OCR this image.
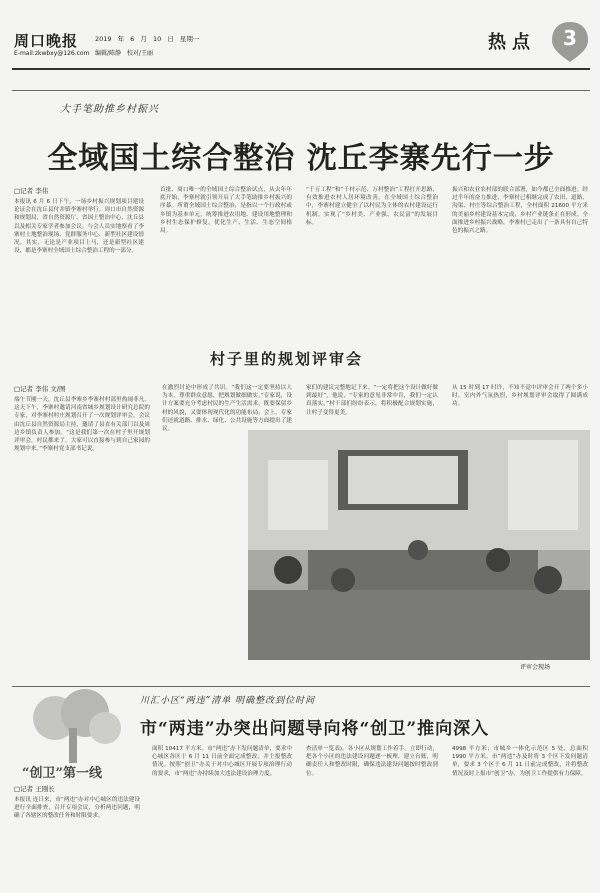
周口晚报
E-mail:zkwbxy@126.com
2019 年 6 月 10 日 星期一
编辑/陈静 校对/王丽
热点 3
大手笔助推乡村振兴
全域国土综合整治 沈丘李寨先行一步
□记者 李伟
本报讯 6 月 6 日下午，一场乡村振兴规划项目建设论证会在沈丘县付井镇李寨村举行。周口市自然资源和规划局、省自然资源厅、省国土整治中心、沈丘县以及相关专家学者参加会议。与会人员实地察看了李寨村土地整治现场、党群服务中心、新型社区建设情况。其实，无论是产业项目上马，还是新型社区建设，都是李寨村全域国土综合整治工程的一部分。
首批、周口唯一的全域国土综合整治试点，从去年年底开始，李寨村就引领开启了大手笔助推乡村振兴的序幕。所谓全域国土综合整治，是指以一个行政村或乡镇为基本单元，统筹推进农用地、建设用地整理和乡村生态保护修复，优化生产、生活、生态空间格局。
“千万工程”和“千村示范、万村整治”工程打开思路，有效推进农村人居环境改善。在全域国土综合整治中，李寨村建立健全了以村民为主体的农村建设运行机制，实现了“乡村美、产业强、农民富”的发展目标。
振兴和农业农村部的联合部署，如今都已全面推进。经过半年的奋力推进，李寨村已相继完成了农田、道路、沟渠、村庄等综合整治工程，全村面积 21600 平方米的美丽乡村建设基本完成，乡村产业链条正在形成。全面推进乡村振兴战略，李寨村已走出了一条具有自己特色的振兴之路。
村子里的规划评审会
□记者 李伟 文/图
端午节刚一天，沈丘县李寨乡李寨村村部里热闹非凡。这天下午，李寨村邀请河南省城乡规划设计研究总院的专家，对李寨村村庄规划召开了一次规划评审会。会议由沈丘县自然资源局主持，邀请了县直有关部门以及周边乡镇负责人参加。“这是我们第一次在村子里开规划评审会，村民都来了，大家可以直接参与到自己家园的规划中来。”李寨村党支部书记说。
在激烈讨论中形成了共识。“我们这一定要坚持以人为本，尊重群众意愿，把规划做细做实。”专家说，设计方案要充分考虑村民的生产生活需求，既要保留乡村的风貌，又要体现现代化的功能布局。会上，专家们还就道路、排水、绿化、公共设施等方面提出了建议。
家们的建议完整地记下来。“一定将把这个设计做好做到最好”，他说，“专家的意见非常中肯，我们一定认真落实。”村干部们纷纷表示，将积极配合规划实施，让村子变得更美。
从 15 时到 17 时许，不知不觉中评审会开了两个多小时。室内外气氛热烈，乡村规划评审会取得了圆满成功。
评审会现场
“创卫”第一线
川汇小区“两违”清单 明确整改到位时间
市“两违”办突出问题导向将“创卫”推向深入
□记者 王刚长
本报讯 连日来，市“两违”办对中心城区的违法建设进行全面排查，召开专项会议，分析两违问题，明确了各辖区的整改任务和时限要求。
面积 10417 平方米。市“两违”办下发问题清单，要求中心城区各区于 6 月 11 日前全面完成整改，并上报整改情况。按照“创卫”办关于对中心城区开展专项治理行动的要求，市“两违”办持续加大违法建设治理力度。
查清单一览表)。各小区从规划工作着手，立即行动，把各个小区的违法建设问题逐一梳理，建立台账，明确责任人和整改时限，确保违法建设问题按时整改到位。
4998 平方米；市城乡一体化示范区 5 处，总面积 1990 平方米。市“两违”办及时将 3 个区下发问题清单，要求 3 个区于 6 月 11 日前完成整改，并将整改情况及时上报市“创卫”办，为创卫工作提供有力保障。
